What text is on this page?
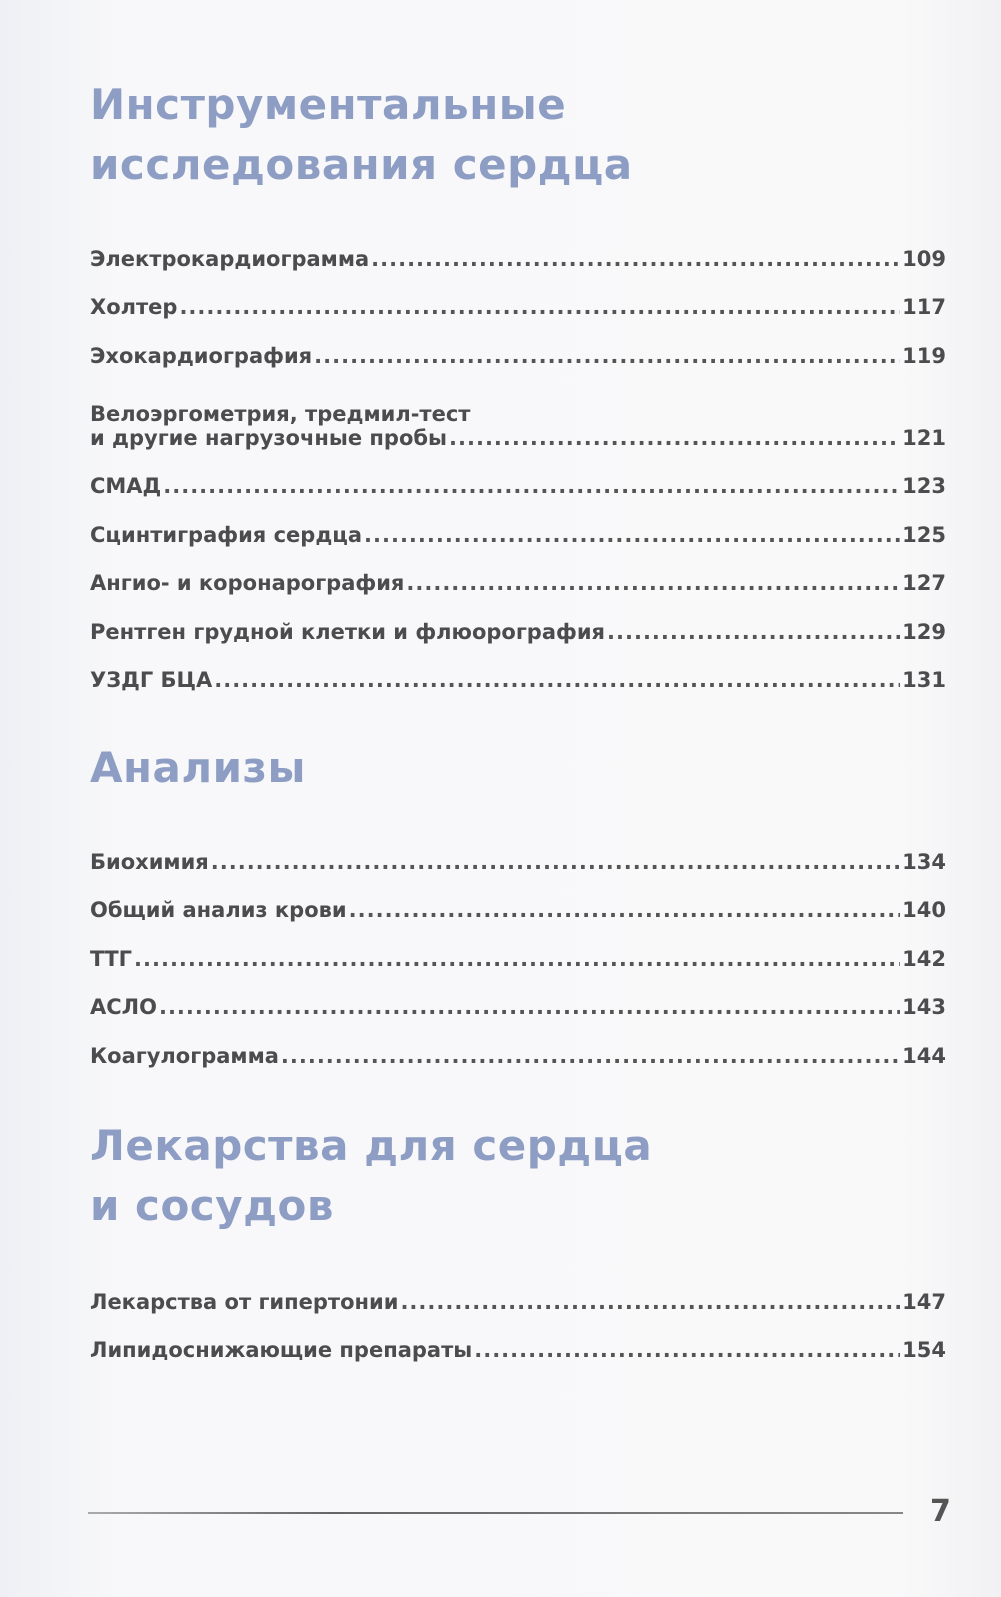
Инструментальные
исследования сердца
Электрокардиограмма .....	109
Холтер .....	117
Эхокардиография .....	119
Велоэргометрия, тредмил-тест
и другие нагрузочные пробы .....	121
СМАД .....	123
Сцинтиграфия сердца .....	125
Ангио- и коронарография .....	127
Рентген грудной клетки и флюорография .....	129
УЗДГ БЦА .....	131
Анализы
Биохимия .....	134
Общий анализ крови .....	140
ТТГ .....	142
АСЛО .....	143
Коагулограмма .....	144
Лекарства для сердца
и сосудов
Лекарства от гипертонии .....	147
Липидоснижающие препараты .....	154
7
